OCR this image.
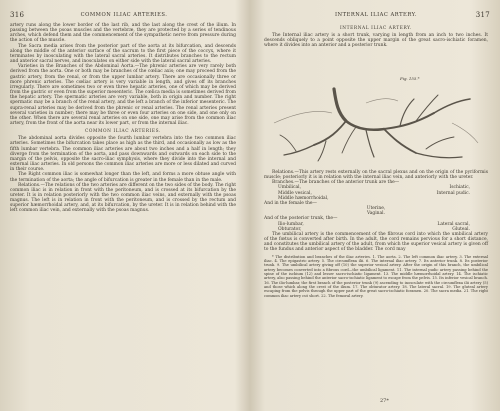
316	COMMON ILIAC ARTERIES.

artery runs along the lower border of the last rib, and the last along the crest of the ilium. In passing between the psoas muscles and the vertebræ, they are protected by a series of tendinous arches, which defend them and the commencement of the sympathetic nerve from pressure during the action of the muscle.

The Sacra media arises from the posterior part of the aorta at its bifurcation, and descends along the middle of the anterior surface of the sacrum to the first piece of the coccyx, where it terminates by inosculating with the lateral sacral arteries. It distributes branches to the rectum and anterior sacral nerves, and inosculates on either side with the lateral sacral arteries.

Varieties in the Branches of the Abdominal Aorta.—The phrenic arteries are very rarely both derived from the aorta. One or both may be branches of the cœliac axis; one may proceed from the gastric artery, from the renal, or from the upper lumbar artery. There are occasionally three or more phrenic arteries. The cœliac artery is very variable in length, and gives off its branches irregularly. There are sometimes two or even three hepatic arteries, one of which may be derived from the gastric or even from the superior mesenteric. The cœlica media is sometimes derived from the hepatic artery. The spermatic arteries are very variable, both in origin and number. The right spermatic may be a branch of the renal artery, and the left a branch of the inferior mesenteric. The supra-renal arteries may be derived from the phrenic or renal arteries. The renal arteries present several varieties in number; there may be three or even four arteries on one side, and one only on the other. When there are several renal arteries on one side, one may arise from the common iliac artery, from the front of the aorta near its lower part, or from the internal iliac.

COMMON ILIAC ARTERIES.

The abdominal aorta divides opposite the fourth lumbar vertebra into the two common iliac arteries. Sometimes the bifurcation takes place as high as the third, and occasionally as low as the fifth lumbar vertebra. The common iliac arteries are about two inches and a half in length; they diverge from the termination of the aorta, and pass downwards and outwards on each side to the margin of the pelvis, opposite the sacro-iliac symphysis, where they divide into the internal and external iliac arteries. In old persons the common iliac arteries are more or less dilated and curved in their course.

The Right common iliac is somewhat longer than the left, and forms a more obtuse angle with the termination of the aorta; the angle of bifurcation is greater in the female than in the male.

Relations.—The relations of the two arteries are different on the two sides of the body. The right common iliac is in relation in front with the peritoneum, and is crossed at its bifurcation by the ureter. It is in relation posteriorly with the two common iliac veins, and externally with the psoas magnus. The left is in relation in front with the peritoneum, and is crossed by the rectum and superior hæmorrhoidal artery, and, at its bifurcation, by the ureter. It is in relation behind with the left common iliac vein, and externally with the psoas magnus.

INTERNAL ILIAC ARTERY.	317
INTERNAL ILIAC ARTERY.

The Internal iliac artery is a short trunk, varying in length from an inch to two inches. It descends obliquely to a point opposite the upper margin of the great sacro-ischiatic foramen, where it divides into an anterior and a posterior trunk.

Fig. 155.*

Relations.—This artery rests externally on the sacral plexus and on the origin of the pyriformis muscle; posteriorly it is in relation with the internal iliac vein, and anteriorly with the ureter.

Branches.—The branches of the anterior trunk are the—

Umbilical,	Ischiatic,
Middle vesical,	Internal pudic.
Middle hæmorrhoidal,

And in the female the—

Uterine,
Vaginal.

And of the posterior trunk, the—

Ilio-lumbar,	Lateral sacral,
Obturator,	Gluteal.

The umbilical artery is the commencement of the fibrous cord into which the umbilical artery of the fœtus is converted after birth. In the adult, the cord remains pervious for a short distance, and constitutes the umbilical artery of the adult, from which the superior vesical artery is given off to the fundus and anterior aspect of the bladder. The cord may

* The distribution and branches of the iliac arteries. 1. The aorta. 2. The left common iliac artery. 3. The external iliac. 4. The epigastric artery. 5. The circumflexa ilii. 6. The internal iliac artery. 7. Its anterior trunk. 8. Its posterior trunk. 9. The umbilical artery giving off (10) the superior vesical artery. After the origin of this branch, the umbilical artery becomes converted into a fibrous cord—the umbilical ligament. 11. The internal pudic artery passing behind the spine of the ischium (12) and lesser sacro-ischiatic ligament. 13. The middle hæmorrhoidal artery. 14. The ischiatic artery, also passing behind the anterior sacro-ischiatic ligament to escape from the pelvis. 15. Its inferior vesical branch. 16. The ilio-lumbar, the first branch of the posterior trunk (9) ascending to inosculate with the circumflexa ilii artery (5) and those which along the crest of the ilium. 17. The obturator artery. 18. The lateral sacral. 19. The gluteal artery escaping from the pelvis through the upper part of the great sacro-ischiatic foramen. 20. The sacra media. 21. The right common iliac artery cut short. 22. The femoral artery.

27*
